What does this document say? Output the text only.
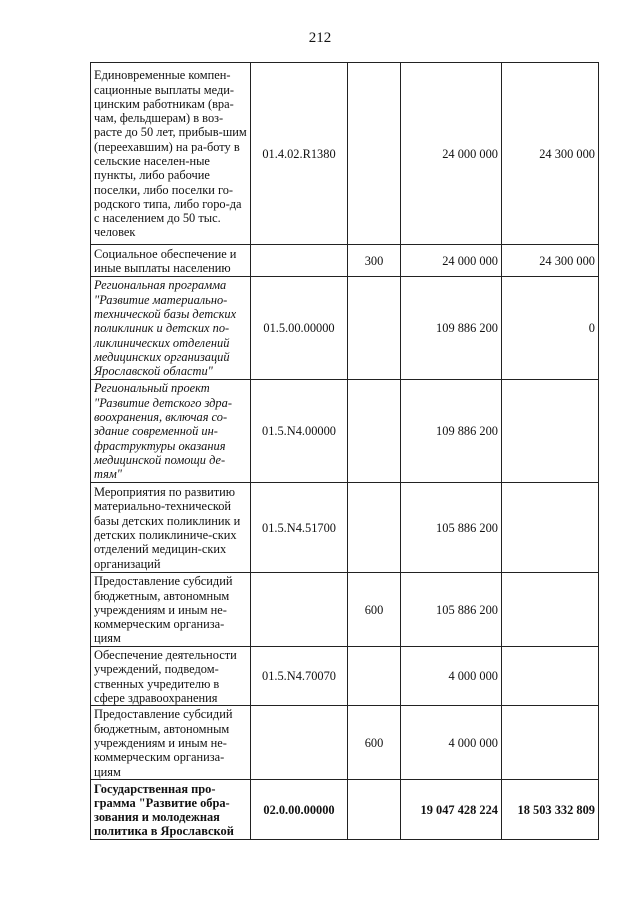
212
Единовременные компен-сационные выплаты меди-цинским работникам (вра-чам, фельдшерам) в воз-расте до 50 лет, прибыв-шим (переехавшим) на ра-боту в сельские населен-ные пункты, либо рабочие поселки, либо поселки го-родского типа, либо горо-да с населением до 50 тыс. человек	01.4.02.R1380		24 000 000	24 300 000
Социальное обеспечение и иные выплаты населению		300	24 000 000	24 300 000
Региональная программа "Развитие материально-технической базы детских поликлиник и детских по-ликлинических отделений медицинских организаций Ярославской области"	01.5.00.00000		109 886 200	0
Региональный проект "Развитие детского здра-воохранения, включая со-здание современной ин-фраструктуры оказания медицинской помощи де-тям"	01.5.N4.00000		109 886 200	
Мероприятия по развитию материально-технической базы детских поликлиник и детских поликлиниче-ских отделений медицин-ских организаций	01.5.N4.51700		105 886 200	
Предоставление субсидий бюджетным, автономным учреждениям и иным не-коммерческим организа-циям		600	105 886 200	
Обеспечение деятельности учреждений, подведом-ственных учредителю в сфере здравоохранения	01.5.N4.70070		4 000 000	
Предоставление субсидий бюджетным, автономным учреждениям и иным не-коммерческим организа-циям		600	4 000 000	
Государственная про-грамма "Развитие обра-зования и молодежная политика в Ярославской	02.0.00.00000		19 047 428 224	18 503 332 809
